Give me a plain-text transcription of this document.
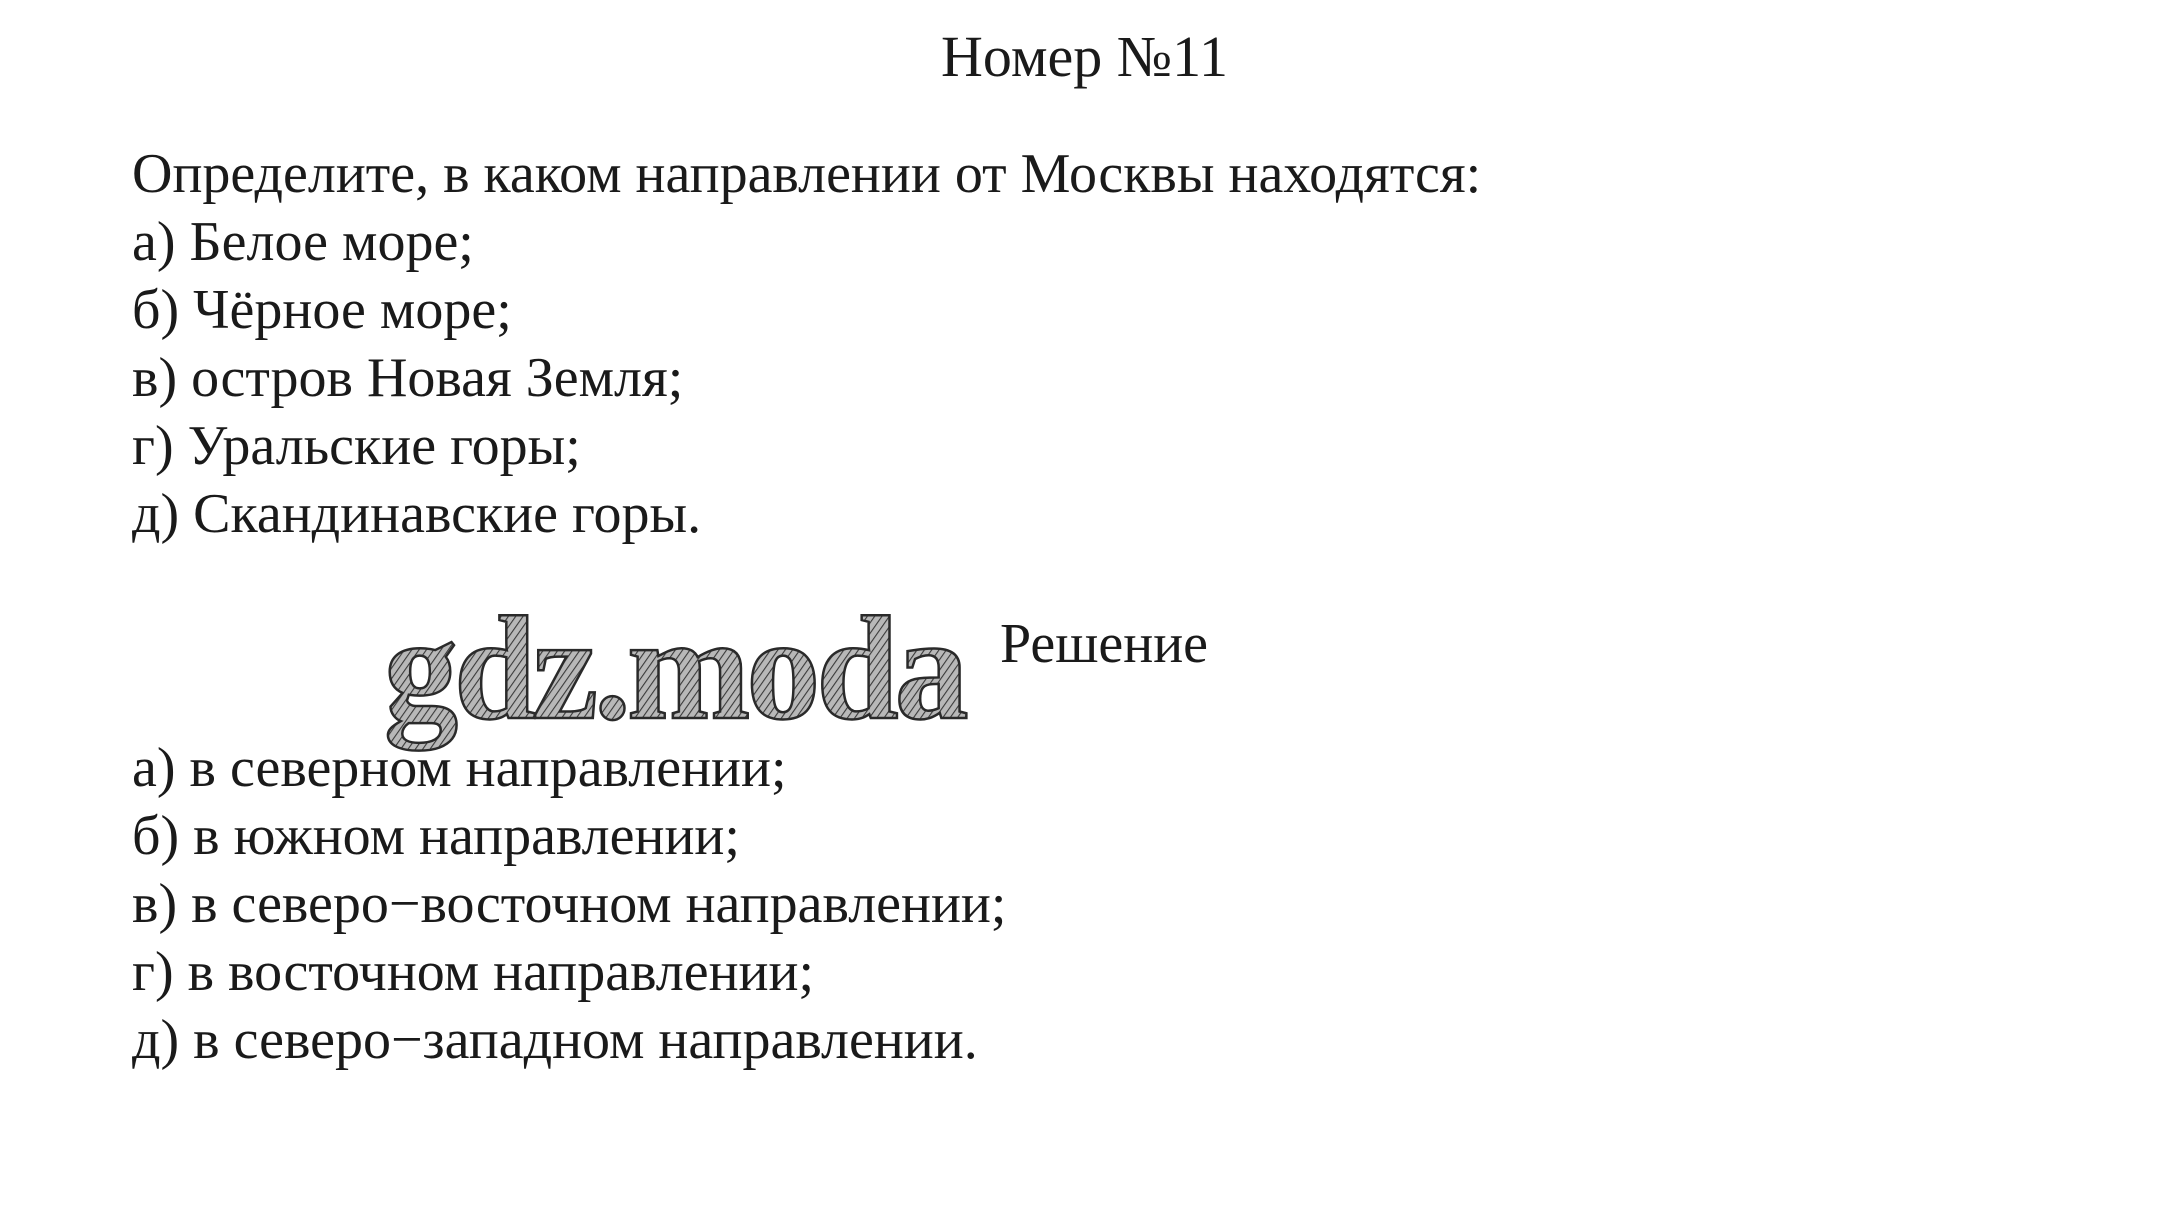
Номер №11
Определите, в каком направлении от Москвы находятся:
а) Белое море;
б) Чёрное море;
в) остров Новая Земля;
г) Уральские горы;
д) Скандинавские горы.
gdz.moda Решение
а) в северном направлении;
б) в южном направлении;
в) в северо−восточном направлении;
г) в восточном направлении;
д) в северо−западном направлении.
